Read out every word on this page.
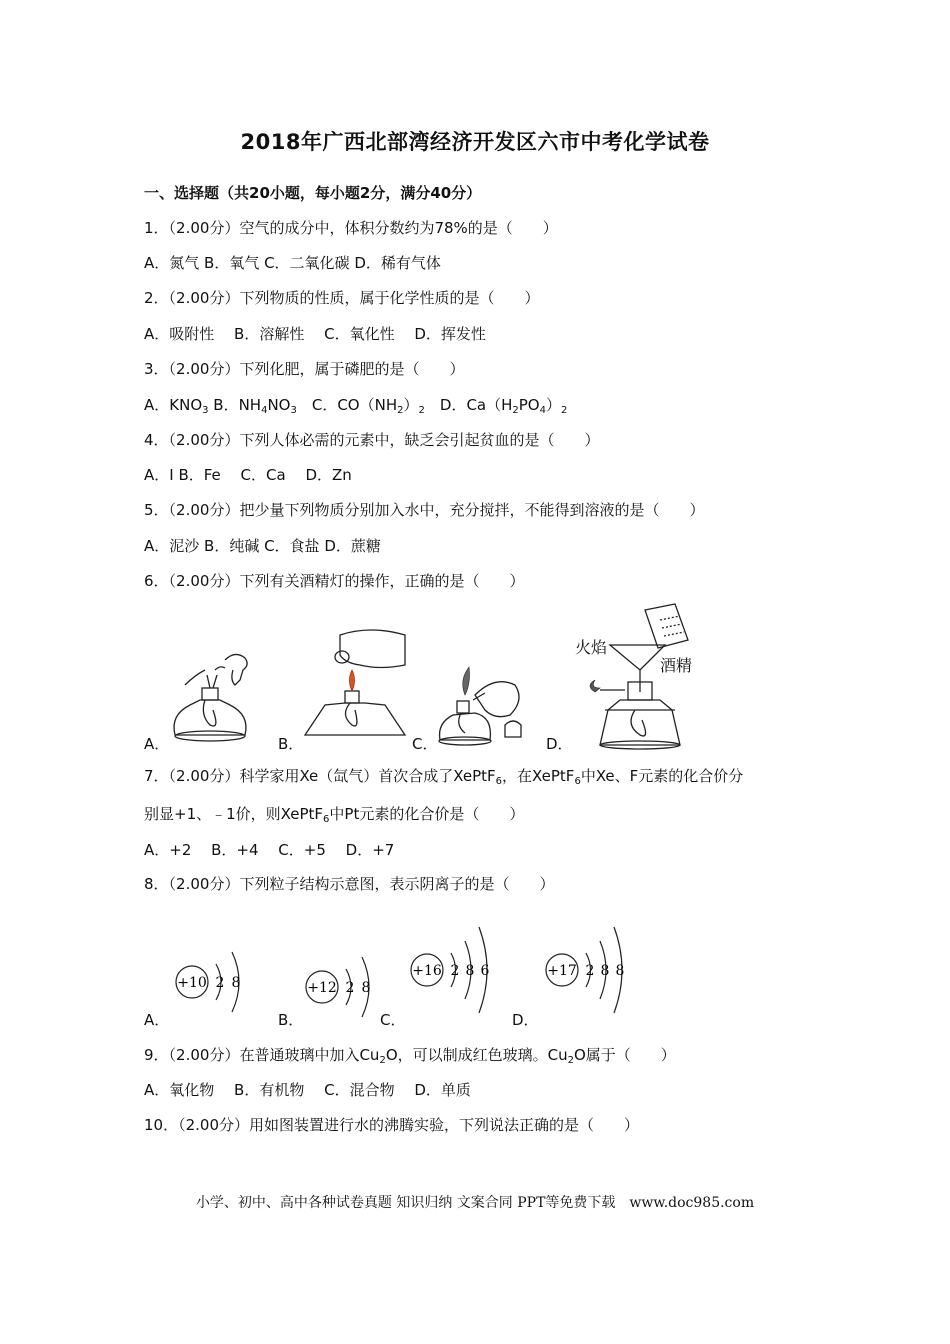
2018年广西北部湾经济开发区六市中考化学试卷
一、选择题（共20小题，每小题2分，满分40分）
1．（2.00分）空气的成分中，体积分数约为78%的是（　　）
A．氮气 B．氧气 C．二氧化碳 D．稀有气体
2．（2.00分）下列物质的性质，属于化学性质的是（　　）
A．吸附性　 B．溶解性　 C．氧化性　 D．挥发性
3．（2.00分）下列化肥，属于磷肥的是（　　）
A．$KNO_3$ B．$NH_4NO_3$　C．$CO(NH_2)_2$　D．$Ca(H_2PO_4)_2$
4．（2.00分）下列人体必需的元素中，缺乏会引起贫血的是（　　）
A．I B．Fe　 C．Ca　 D．Zn
5．（2.00分）把少量下列物质分别加入水中，充分搅拌，不能得到溶液的是（　　）
A．泥沙 B．纯碱 C．食盐 D．蔗糖
6．（2.00分）下列有关酒精灯的操作，正确的是（　　）
A．	B．	C．	D．
火焰
酒精
7．（2.00分）科学家用Xe（氙气）首次合成了XePtF$_6$，在XePtF$_6$中Xe、F元素的化合价分
别显+1、﹣1价，则XePtF$_6$中Pt元素的化合价是（　　）
A．+2　 B．+4　 C．+5　 D．+7
8．（2.00分）下列粒子结构示意图，表示阴离子的是（　　）
A．
+10 2 8
B．
+12 2 8
C．
+16 2 8 6
D．
+17 2 8 8
9．（2.00分）在普通玻璃中加入$Cu_2O$，可以制成红色玻璃。$Cu_2O$属于（　　）
A．氧化物　 B．有机物　 C．混合物　 D．单质
10．（2.00分）用如图装置进行水的沸腾实验，下列说法正确的是（　　）
小学、初中、高中各种试卷真题 知识归纳 文案合同 PPT等免费下载　www.doc985.com
